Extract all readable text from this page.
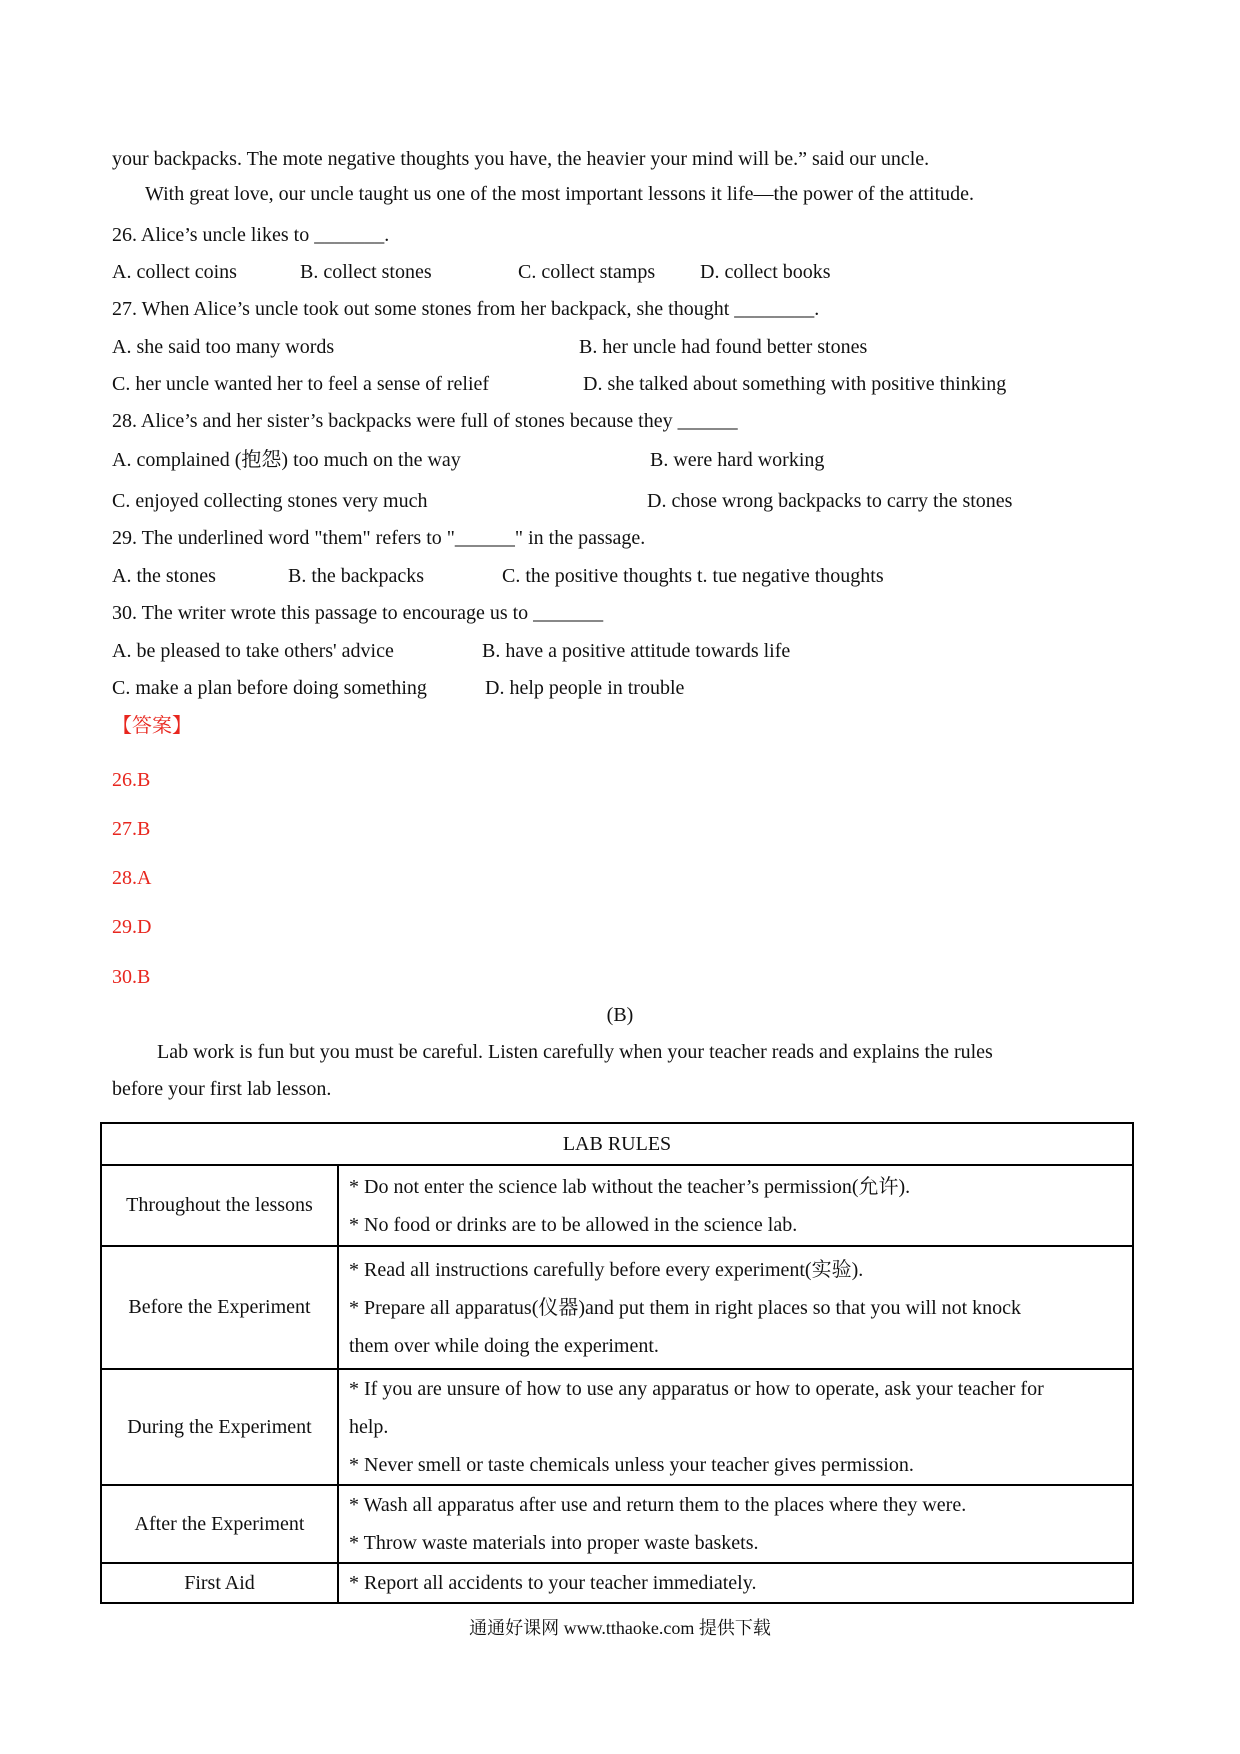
your backpacks. The mote negative thoughts you have, the heavier your mind will be.” said our uncle.
With great love, our uncle taught us one of the most important lessons it life—the power of the attitude.
26. Alice’s uncle likes to _______.
A. collect coins	B. collect stones	C. collect stamps D. collect books
27. When Alice’s uncle took out some stones from her backpack, she thought ________.
A. she said too many words	B. her uncle had found better stones
C. her uncle wanted her to feel a sense of relief	D. she talked about something with positive thinking
28. Alice’s and her sister’s backpacks were full of stones because they ______
A. complained (抱怨) too much on the way	B. were hard working
C. enjoyed collecting stones very much	D. chose wrong backpacks to carry the stones
29. The underlined word "them" refers to "______" in the passage.
A. the stones	B. the backpacks	C. the positive thoughts t. tue negative thoughts
30. The writer wrote this passage to encourage us to _______
A. be pleased to take others' advice	B. have a positive attitude towards life
C. make a plan before doing something	D. help people in trouble
【答案】
26.B
27.B
28.A
29.D
30.B
(B)
Lab work is fun but you must be careful. Listen carefully when your teacher reads and explains the rules
before your first lab lesson.
LAB RULES	
Throughout the lessons	* Do not enter the science lab without the teacher’s permission(允许).
* No food or drinks are to be allowed in the science lab.

Before the Experiment	* Read all instructions carefully before every experiment(实验).
* Prepare all apparatus(仪器)and put them in right places so that you will not knock
them over while doing the experiment.

During the Experiment	* If you are unsure of how to use any apparatus or how to operate, ask your teacher for
help.
* Never smell or taste chemicals unless your teacher gives permission.

After the Experiment	* Wash all apparatus after use and return them to the places where they were.
* Throw waste materials into proper waste baskets.

First Aid	* Report all accidents to your teacher immediately.
通通好课网 www.tthaoke.com 提供下载
